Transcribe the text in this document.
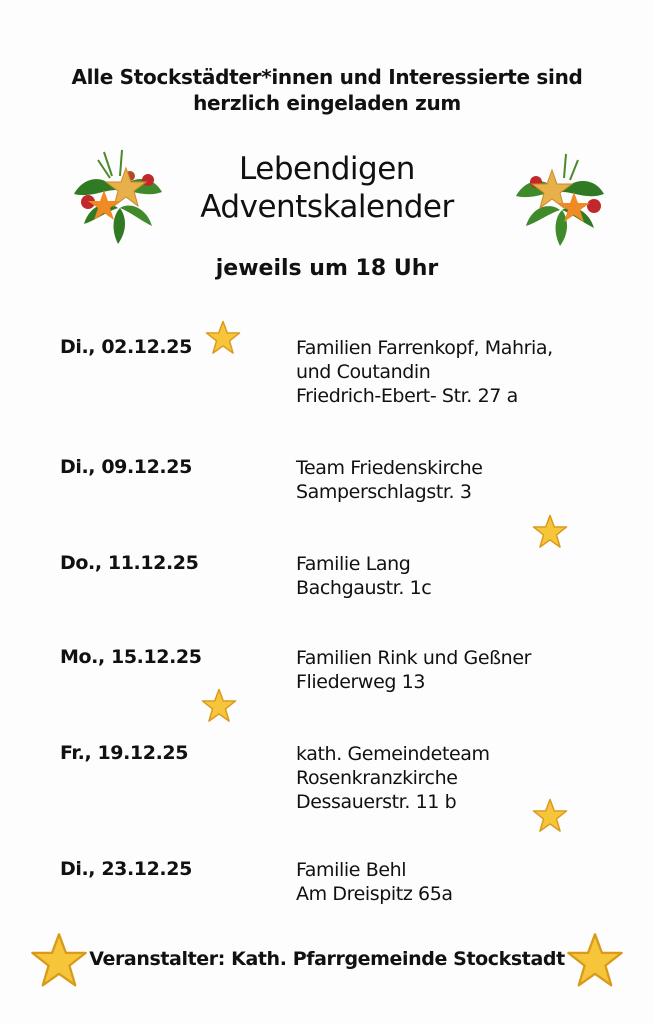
Alle Stockstädter*innen und Interessierte sind
herzlich eingeladen zum
Lebendigen
Adventskalender
jeweils um 18 Uhr
Di., 02.12.25	Familien Farrenkopf, Mahria,
und Coutandin
Friedrich-Ebert- Str. 27 a
Di., 09.12.25	Team Friedenskirche
Samperschlagstr. 3
Do., 11.12.25	Familie Lang
Bachgaustr. 1c
Mo., 15.12.25	Familien Rink und Geßner
Fliederweg 13
Fr., 19.12.25	kath. Gemeindeteam
Rosenkranzkirche
Dessauerstr. 11 b
Di., 23.12.25	Familie Behl
Am Dreispitz 65a
Veranstalter: Kath. Pfarrgemeinde Stockstadt
